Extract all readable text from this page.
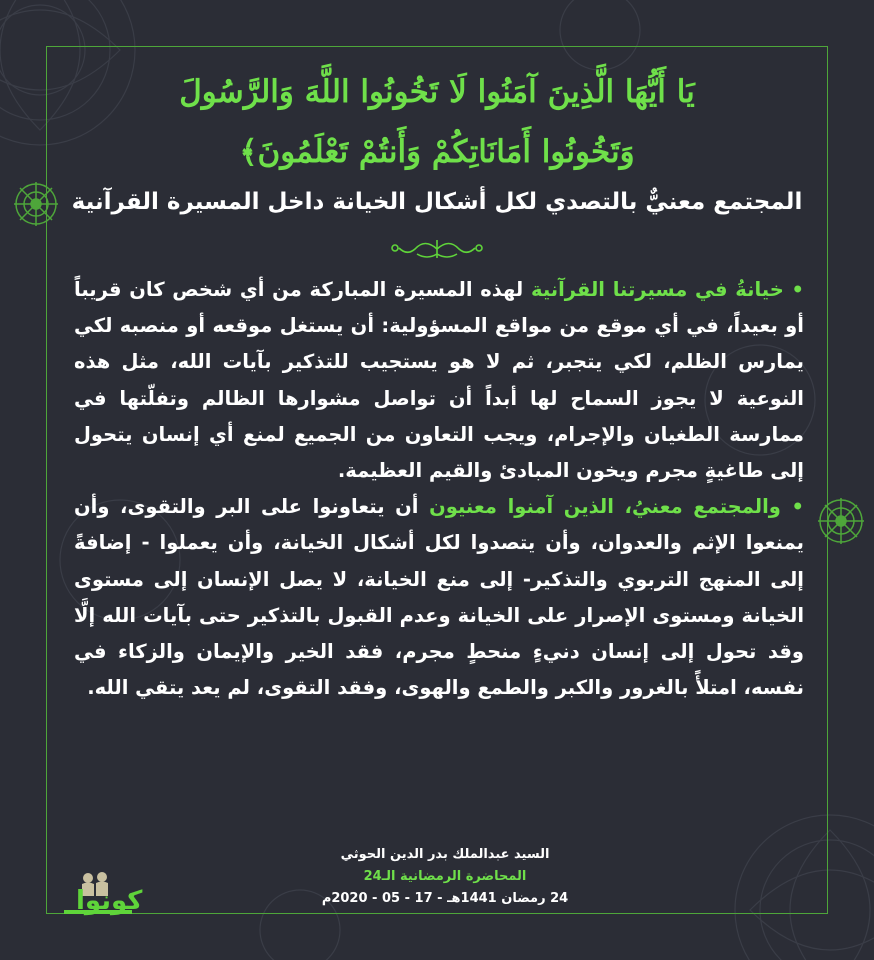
يَا أَيُّهَا الَّذِينَ آمَنُوا لَا تَخُونُوا اللَّهَ وَالرَّسُولَ
وَتَخُونُوا أَمَانَاتِكُمْ وَأَنتُمْ تَعْلَمُونَ﴾
المجتمع معنيٌّ بالتصدي لكل أشكال الخيانة داخل المسيرة القرآنية

• خيانةُ في مسيرتنا القرآنية لهذه المسيرة المباركة من أي شخص كان قريباً أو بعيداً، في أي موقع من مواقع المسؤولية: أن يستغل موقعه أو منصبه لكي يمارس الظلم، لكي يتجبر، ثم لا هو يستجيب للتذكير بآيات الله، مثل هذه النوعية لا يجوز السماح لها أبداً أن تواصل مشوارها الظالم وتفلّتها في ممارسة الطغيان والإجرام، ويجب التعاون من الجميع لمنع أي إنسان يتحول إلى طاغيةٍ مجرم ويخون المبادئ والقيم العظيمة.

• والمجتمع معنيُ، الذين آمنوا معنيون أن يتعاونوا على البر والتقوى، وأن يمنعوا الإثم والعدوان، وأن يتصدوا لكل أشكال الخيانة، وأن يعملوا - إضافةً إلى المنهج التربوي والتذكير- إلى منع الخيانة، لا يصل الإنسان إلى مستوى الخيانة ومستوى الإصرار على الخيانة وعدم القبول بالتذكير حتى بآيات الله إلَّا وقد تحول إلى إنسان دنيءٍ منحطٍ مجرم، فقد الخير والإيمان والزكاء في نفسه، امتلأً بالغرور والكبر والطمع والهوى، وفقد التقوى، لم يعد يتقي الله.

السيد عبدالملك بدر الدين الحوثي
المحاضرة الرمضانية الـ24
24 رمضان 1441هـ - 17 - 05 - 2020م
كونوا
